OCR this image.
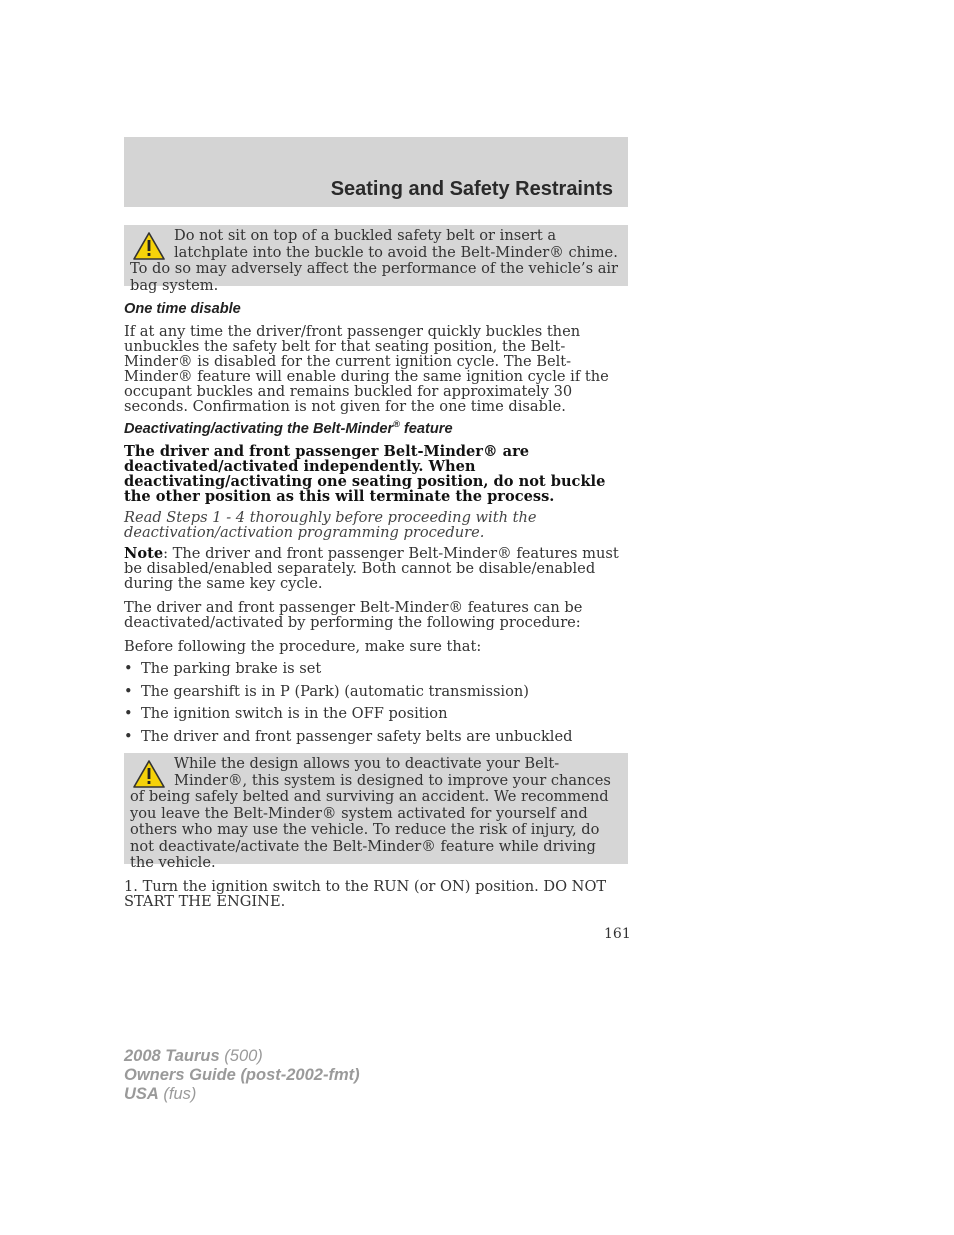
Seating and Safety Restraints
Do not sit on top of a buckled safety belt or insert a latchplate into the buckle to avoid the Belt-Minder® chime. To do so may adversely affect the performance of the vehicle’s air bag system.
One time disable
If at any time the driver/front passenger quickly buckles then unbuckles the safety belt for that seating position, the Belt-Minder® is disabled for the current ignition cycle. The Belt-Minder® feature will enable during the same ignition cycle if the occupant buckles and remains buckled for approximately 30 seconds. Confirmation is not given for the one time disable.
Deactivating/activating the Belt-Minder® feature
The driver and front passenger Belt-Minder® are deactivated/activated independently. When deactivating/activating one seating position, do not buckle the other position as this will terminate the process.
Read Steps 1 - 4 thoroughly before proceeding with the deactivation/activation programming procedure.
Note: The driver and front passenger Belt-Minder® features must be disabled/enabled separately. Both cannot be disable/enabled during the same key cycle.
The driver and front passenger Belt-Minder® features can be deactivated/activated by performing the following procedure:
Before following the procedure, make sure that:
• The parking brake is set
• The gearshift is in P (Park) (automatic transmission)
• The ignition switch is in the OFF position
• The driver and front passenger safety belts are unbuckled
While the design allows you to deactivate your Belt-Minder®, this system is designed to improve your chances of being safely belted and surviving an accident. We recommend you leave the Belt-Minder® system activated for yourself and others who may use the vehicle. To reduce the risk of injury, do not deactivate/activate the Belt-Minder® feature while driving the vehicle.
1. Turn the ignition switch to the RUN (or ON) position. DO NOT START THE ENGINE.
161
2008 Taurus (500)
Owners Guide (post-2002-fmt)
USA (fus)
